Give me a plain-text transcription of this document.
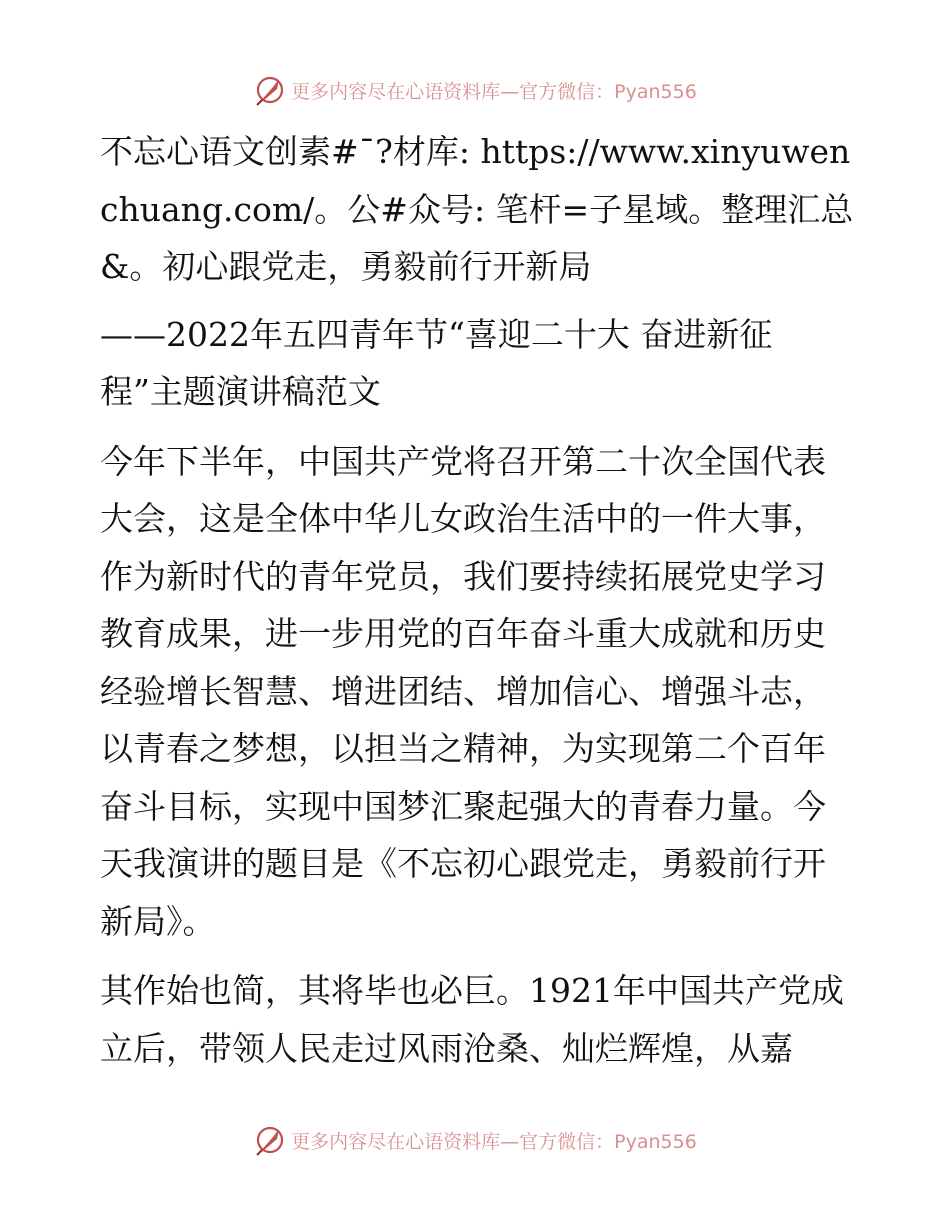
更多内容尽在心语资料库—官方微信：Pyan556

不忘心语文创素#¯?材库: https://www.xinyuwenchuang.com/。公#众号: 笔杆=子星域。整理汇总&。初心跟党走，勇毅前行开新局

——2022年五四青年节“喜迎二十大 奋进新征程”主题演讲稿范文

今年下半年，中国共产党将召开第二十次全国代表大会，这是全体中华儿女政治生活中的一件大事，作为新时代的青年党员，我们要持续拓展党史学习教育成果，进一步用党的百年奋斗重大成就和历史经验增长智慧、增进团结、增加信心、增强斗志，以青春之梦想，以担当之精神，为实现第二个百年奋斗目标，实现中国梦汇聚起强大的青春力量。今天我演讲的题目是《不忘初心跟党走，勇毅前行开新局》。

其作始也简，其将毕也必巨。1921年中国共产党成立后，带领人民走过风雨沧桑、灿烂辉煌，从嘉

更多内容尽在心语资料库—官方微信：Pyan556
